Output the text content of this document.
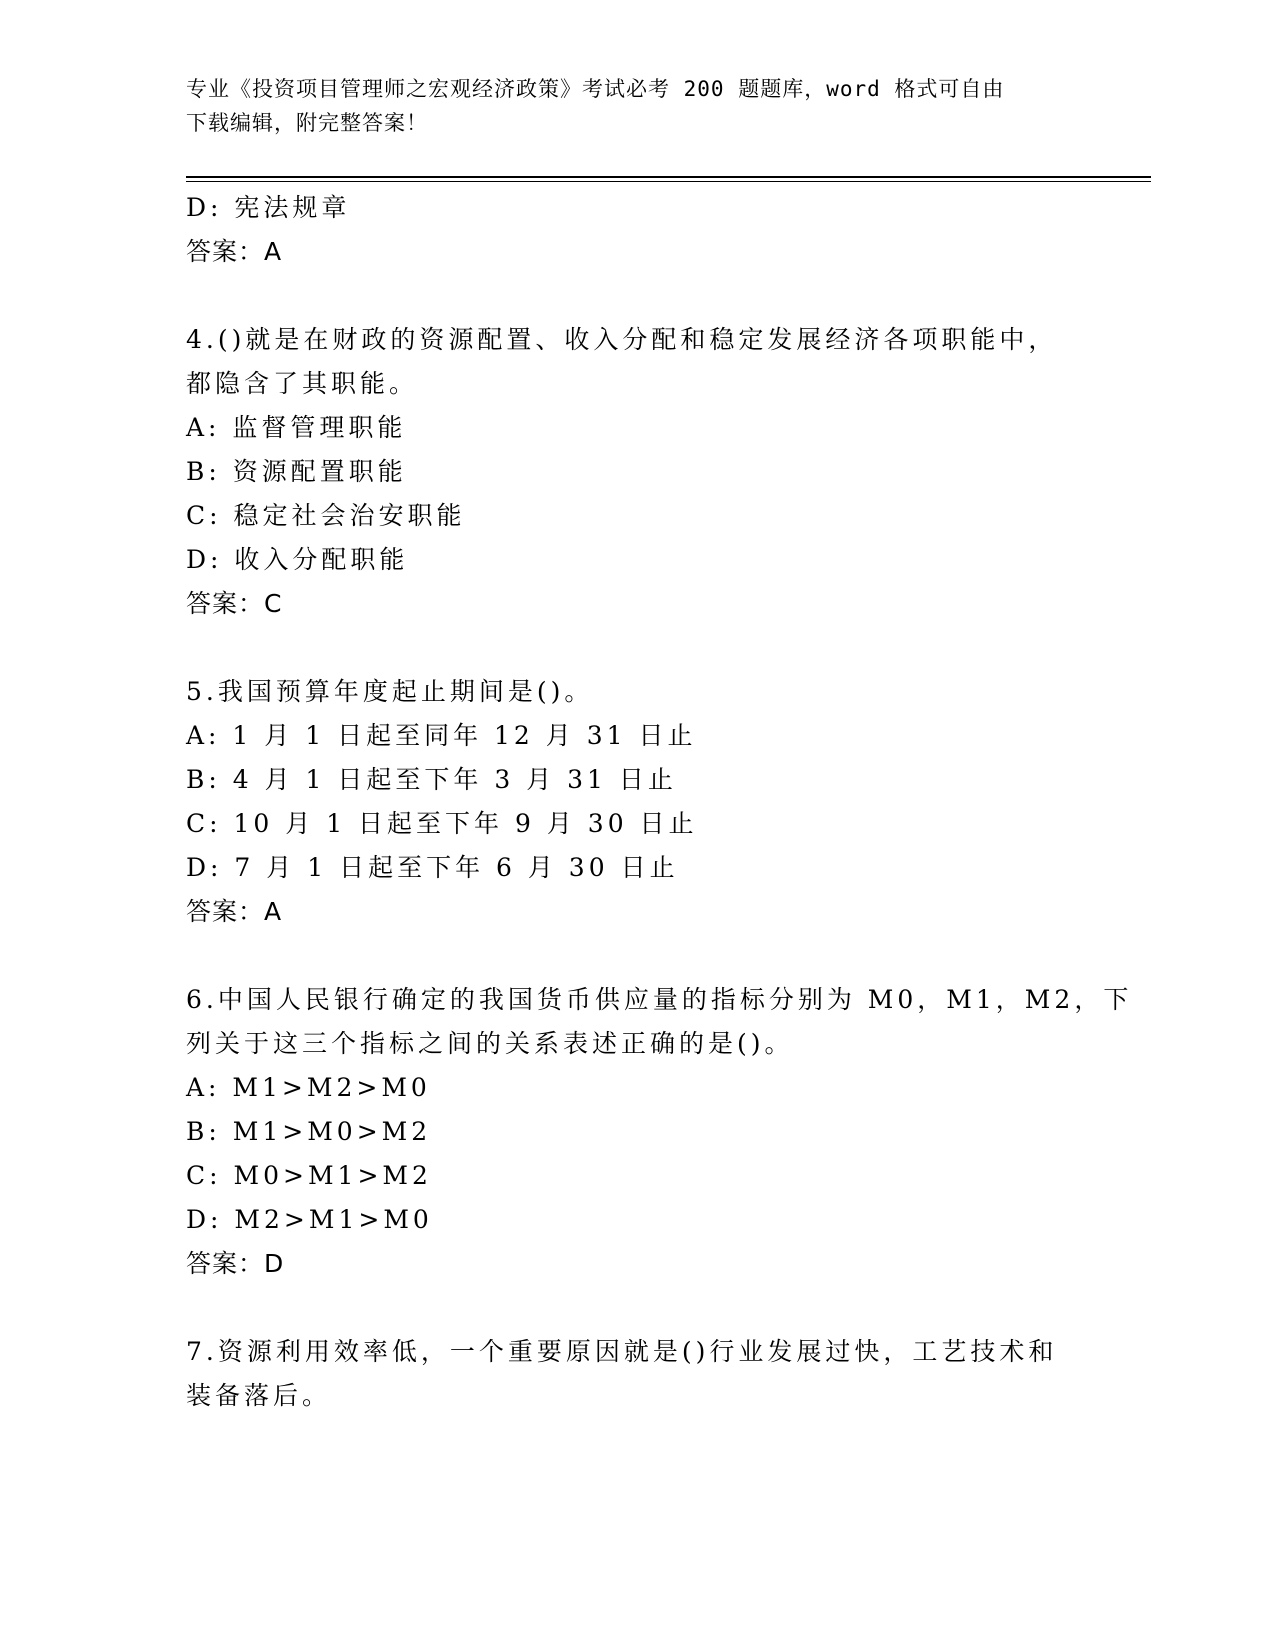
专业《投资项目管理师之宏观经济政策》考试必考 200 题题库，word 格式可自由
下载编辑，附完整答案！
D: 宪法规章
答案：A
4.()就是在财政的资源配置、收入分配和稳定发展经济各项职能中，
都隐含了其职能。
A: 监督管理职能
B: 资源配置职能
C: 稳定社会治安职能
D: 收入分配职能
答案：C
5.我国预算年度起止期间是()。
A: 1 月 1 日起至同年 12 月 31 日止
B: 4 月 1 日起至下年 3 月 31 日止
C: 10 月 1 日起至下年 9 月 30 日止
D: 7 月 1 日起至下年 6 月 30 日止
答案：A
6.中国人民银行确定的我国货币供应量的指标分别为 M0，M1，M2，下
列关于这三个指标之间的关系表述正确的是()。
A: M1>M2>M0
B: M1>M0>M2
C: M0>M1>M2
D: M2>M1>M0
答案：D
7.资源利用效率低，一个重要原因就是()行业发展过快，工艺技术和
装备落后。
